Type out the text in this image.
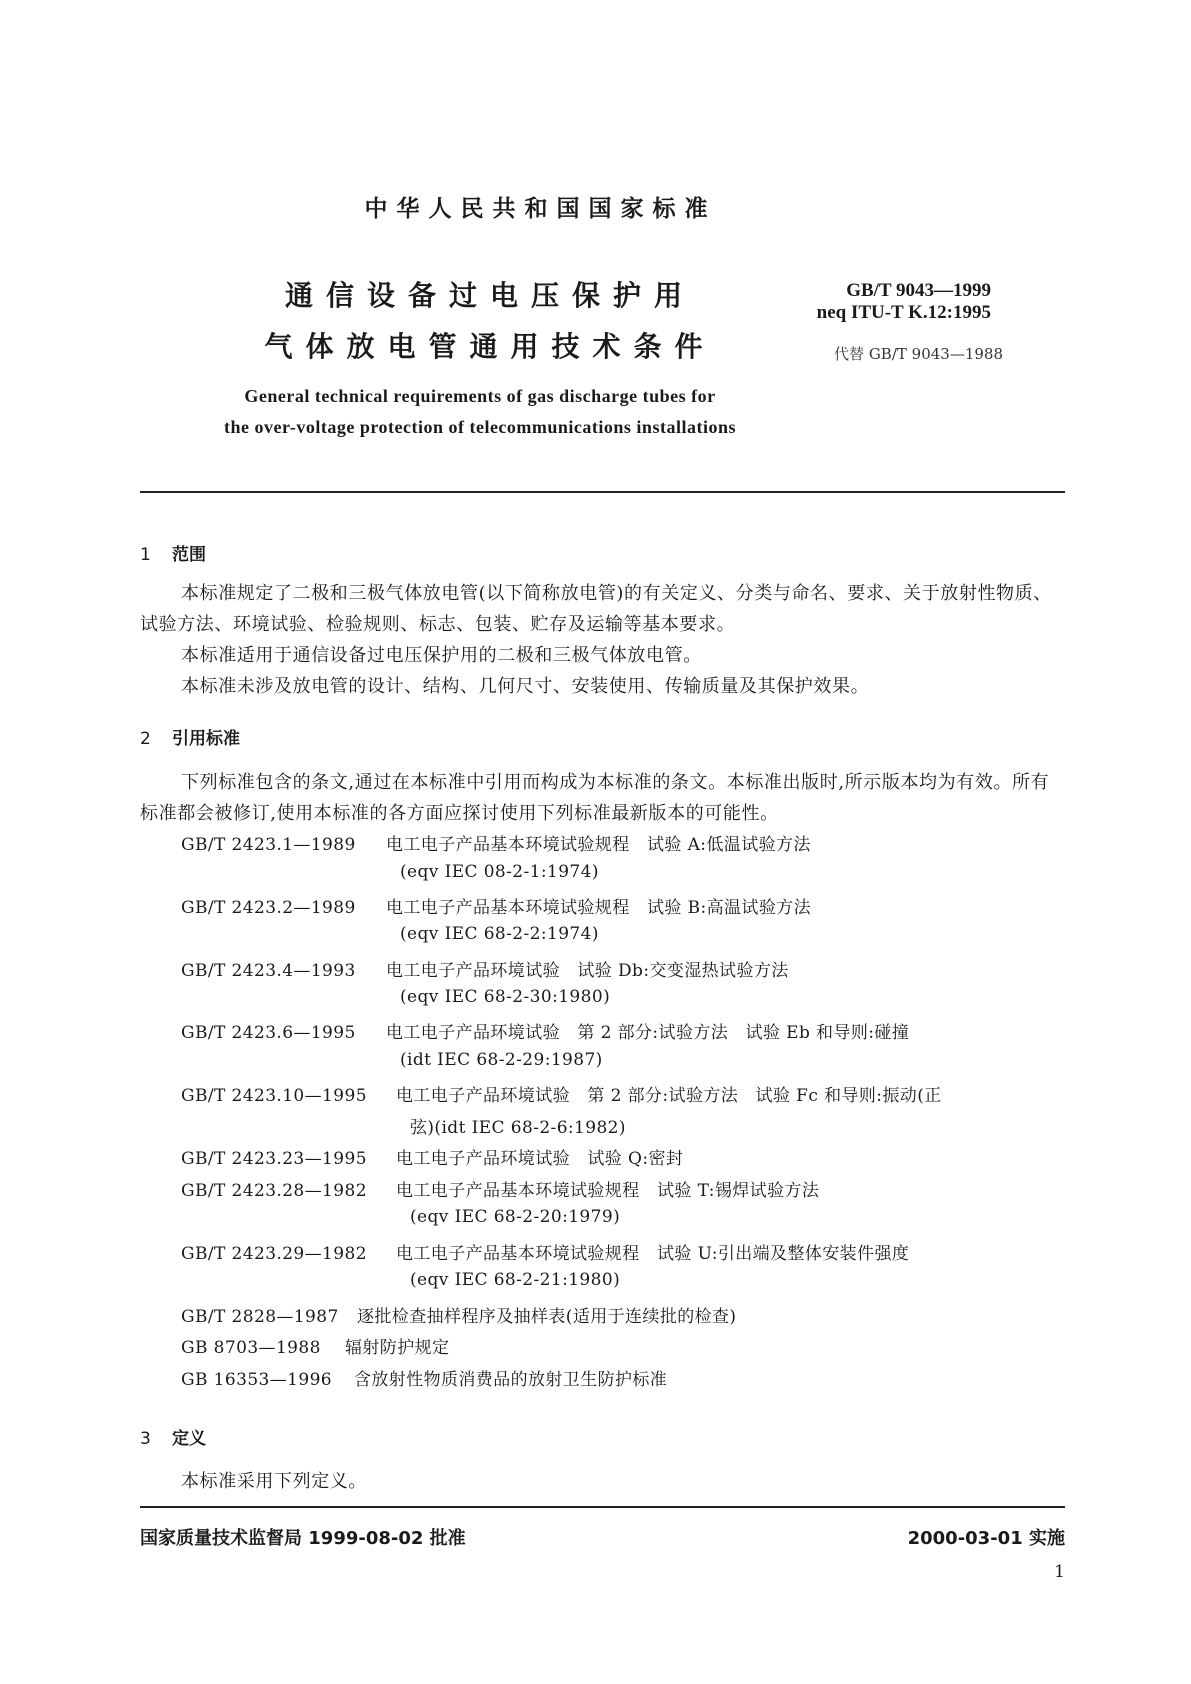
中华人民共和国国家标准
通信设备过电压保护用
气体放电管通用技术条件
GB/T 9043—1999
neq ITU-T K.12:1995
代替 GB/T 9043—1988
General technical requirements of gas discharge tubes for
the over-voltage protection of telecommunications installations
1 范围
本标准规定了二极和三极气体放电管(以下简称放电管)的有关定义、分类与命名、要求、关于放射性物质、试验方法、环境试验、检验规则、标志、包装、贮存及运输等基本要求。
本标准适用于通信设备过电压保护用的二极和三极气体放电管。
本标准未涉及放电管的设计、结构、几何尺寸、安装使用、传输质量及其保护效果。
2 引用标准
下列标准包含的条文,通过在本标准中引用而构成为本标准的条文。本标准出版时,所示版本均为有效。所有标准都会被修订,使用本标准的各方面应探讨使用下列标准最新版本的可能性。
GB/T 2423.1—1989 电工电子产品基本环境试验规程　试验 A:低温试验方法
(eqv IEC 08-2-1:1974)
GB/T 2423.2—1989 电工电子产品基本环境试验规程　试验 B:高温试验方法
(eqv IEC 68-2-2:1974)
GB/T 2423.4—1993 电工电子产品环境试验　试验 Db:交变湿热试验方法
(eqv IEC 68-2-30:1980)
GB/T 2423.6—1995 电工电子产品环境试验　第 2 部分:试验方法　试验 Eb 和导则:碰撞
(idt IEC 68-2-29:1987)
GB/T 2423.10—1995 电工电子产品环境试验　第 2 部分:试验方法　试验 Fc 和导则:振动(正
弦)(idt IEC 68-2-6:1982)
GB/T 2423.23—1995 电工电子产品环境试验　试验 Q:密封
GB/T 2423.28—1982 电工电子产品基本环境试验规程　试验 T:锡焊试验方法
(eqv IEC 68-2-20:1979)
GB/T 2423.29—1982 电工电子产品基本环境试验规程　试验 U:引出端及整体安装件强度
(eqv IEC 68-2-21:1980)
GB/T 2828—1987 逐批检查抽样程序及抽样表(适用于连续批的检查)
GB 8703—1988 辐射防护规定
GB 16353—1996 含放射性物质消费品的放射卫生防护标准
3 定义
本标准采用下列定义。
国家质量技术监督局 1999-08-02 批准	2000-03-01 实施
1
